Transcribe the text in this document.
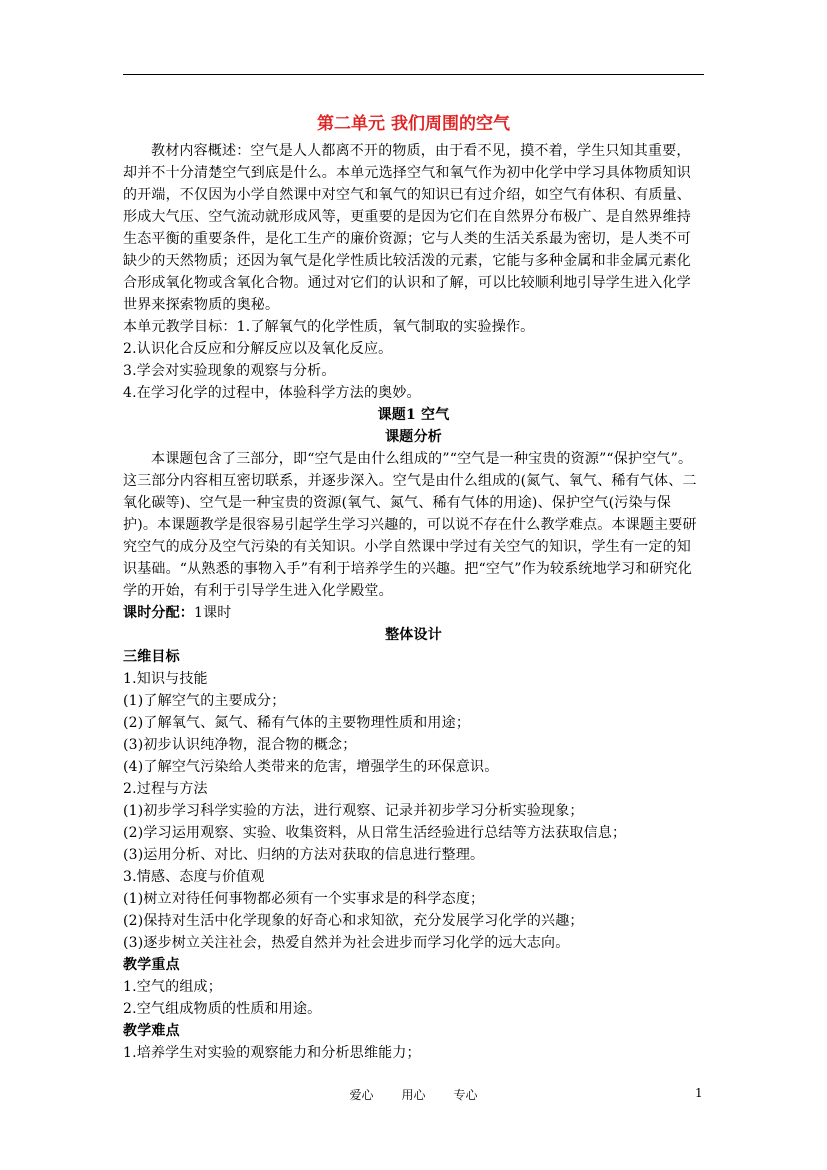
第二单元 我们周围的空气

教材内容概述：空气是人人都离不开的物质，由于看不见，摸不着，学生只知其重要，却并不十分清楚空气到底是什么。本单元选择空气和氧气作为初中化学中学习具体物质知识的开端，不仅因为小学自然课中对空气和氧气的知识已有过介绍，如空气有体积、有质量、形成大气压、空气流动就形成风等，更重要的是因为它们在自然界分布极广、是自然界维持生态平衡的重要条件，是化工生产的廉价资源；它与人类的生活关系最为密切，是人类不可缺少的天然物质；还因为氧气是化学性质比较活泼的元素，它能与多种金属和非金属元素化合形成氧化物或含氧化合物。通过对它们的认识和了解，可以比较顺利地引导学生进入化学世界来探索物质的奥秘。

本单元教学目标：1.了解氧气的化学性质，氧气制取的实验操作。

2.认识化合反应和分解反应以及氧化反应。

3.学会对实验现象的观察与分析。

4.在学习化学的过程中，体验科学方法的奥妙。

课题1 空气

课题分析

本课题包含了三部分，即“空气是由什么组成的”“空气是一种宝贵的资源”“保护空气”。这三部分内容相互密切联系，并逐步深入。空气是由什么组成的(氮气、氧气、稀有气体、二氧化碳等)、空气是一种宝贵的资源(氧气、氮气、稀有气体的用途)、保护空气(污染与保护)。本课题教学是很容易引起学生学习兴趣的，可以说不存在什么教学难点。本课题主要研究空气的成分及空气污染的有关知识。小学自然课中学过有关空气的知识，学生有一定的知识基础。“从熟悉的事物入手”有利于培养学生的兴趣。把“空气”作为较系统地学习和研究化学的开始，有利于引导学生进入化学殿堂。

课时分配：1课时

整体设计

三维目标

1.知识与技能

(1)了解空气的主要成分；

(2)了解氧气、氮气、稀有气体的主要物理性质和用途；

(3)初步认识纯净物，混合物的概念；

(4)了解空气污染给人类带来的危害，增强学生的环保意识。

2.过程与方法

(1)初步学习科学实验的方法，进行观察、记录并初步学习分析实验现象；

(2)学习运用观察、实验、收集资料，从日常生活经验进行总结等方法获取信息；

(3)运用分析、对比、归纳的方法对获取的信息进行整理。

3.情感、态度与价值观

(1)树立对待任何事物都必须有一个实事求是的科学态度；

(2)保持对生活中化学现象的好奇心和求知欲，充分发展学习化学的兴趣；

(3)逐步树立关注社会，热爱自然并为社会进步而学习化学的远大志向。

教学重点

1.空气的组成；

2.空气组成物质的性质和用途。

教学难点

1.培养学生对实验的观察能力和分析思维能力；

爱心 用心 专心	1
